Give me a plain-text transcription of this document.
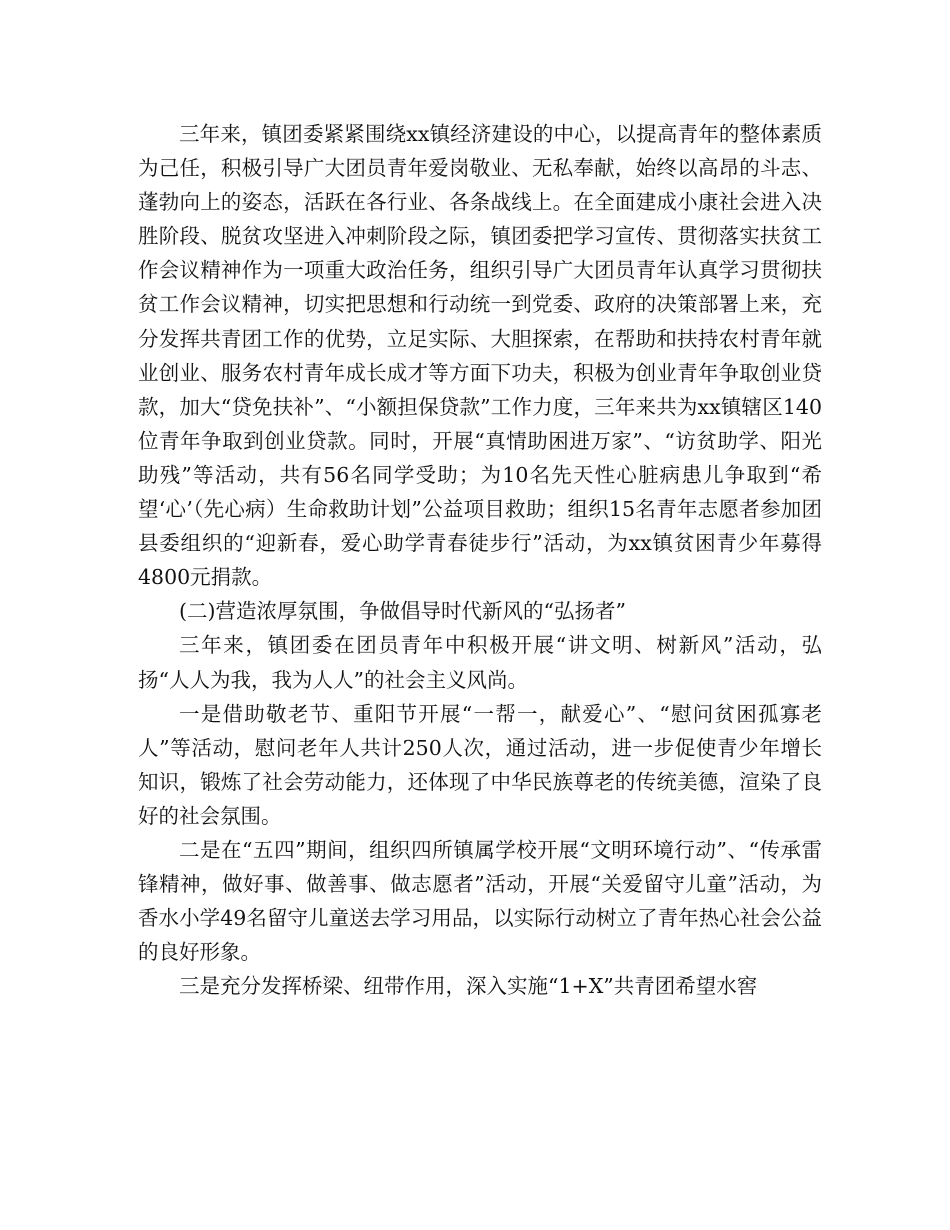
三年来，镇团委紧紧围绕xx镇经济建设的中心，以提高青年的整体素质为己任，积极引导广大团员青年爱岗敬业、无私奉献，始终以高昂的斗志、蓬勃向上的姿态，活跃在各行业、各条战线上。在全面建成小康社会进入决胜阶段、脱贫攻坚进入冲刺阶段之际，镇团委把学习宣传、贯彻落实扶贫工作会议精神作为一项重大政治任务，组织引导广大团员青年认真学习贯彻扶贫工作会议精神，切实把思想和行动统一到党委、政府的决策部署上来，充分发挥共青团工作的优势，立足实际、大胆探索，在帮助和扶持农村青年就业创业、服务农村青年成长成才等方面下功夫，积极为创业青年争取创业贷款，加大“贷免扶补”、“小额担保贷款”工作力度，三年来共为xx镇辖区140位青年争取到创业贷款。同时，开展“真情助困进万家”、“访贫助学、阳光助残”等活动，共有56名同学受助；为10名先天性心脏病患儿争取到“希望‘心’（先心病）生命救助计划”公益项目救助；组织15名青年志愿者参加团县委组织的“迎新春，爱心助学青春徒步行”活动，为xx镇贫困青少年募得4800元捐款。

(二)营造浓厚氛围，争做倡导时代新风的“弘扬者”

三年来，镇团委在团员青年中积极开展“讲文明、树新风”活动，弘扬“人人为我，我为人人”的社会主义风尚。

一是借助敬老节、重阳节开展“一帮一，献爱心”、“慰问贫困孤寡老人”等活动，慰问老年人共计250人次，通过活动，进一步促使青少年增长知识，锻炼了社会劳动能力，还体现了中华民族尊老的传统美德，渲染了良好的社会氛围。

二是在“五四”期间，组织四所镇属学校开展“文明环境行动”、“传承雷锋精神，做好事、做善事、做志愿者”活动，开展“关爱留守儿童”活动，为香水小学49名留守儿童送去学习用品，以实际行动树立了青年热心社会公益的良好形象。

三是充分发挥桥梁、纽带作用，深入实施“1+X”共青团希望水窖
